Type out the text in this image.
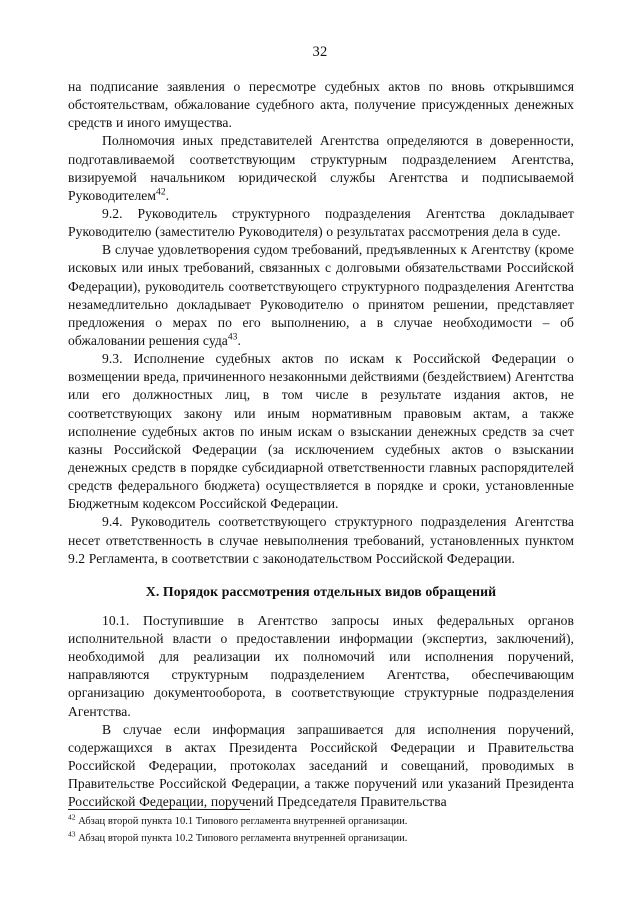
32

на подписание заявления о пересмотре судебных актов по вновь открывшимся обстоятельствам, обжалование судебного акта, получение присужденных денежных средств и иного имущества.

Полномочия иных представителей Агентства определяются в доверенности, подготавливаемой соответствующим структурным подразделением Агентства, визируемой начальником юридической службы Агентства и подписываемой Руководителем$^{42}$.

9.2. Руководитель структурного подразделения Агентства докладывает Руководителю (заместителю Руководителя) о результатах рассмотрения дела в суде.

В случае удовлетворения судом требований, предъявленных к Агентству (кроме исковых или иных требований, связанных с долговыми обязательствами Российской Федерации), руководитель соответствующего структурного подразделения Агентства незамедлительно докладывает Руководителю о принятом решении, представляет предложения о мерах по его выполнению, а в случае необходимости – об обжаловании решения суда$^{43}$.

9.3. Исполнение судебных актов по искам к Российской Федерации о возмещении вреда, причиненного незаконными действиями (бездействием) Агентства или его должностных лиц, в том числе в результате издания актов, не соответствующих закону или иным нормативным правовым актам, а также исполнение судебных актов по иным искам о взыскании денежных средств за счет казны Российской Федерации (за исключением судебных актов о взыскании денежных средств в порядке субсидиарной ответственности главных распорядителей средств федерального бюджета) осуществляется в порядке и сроки, установленные Бюджетным кодексом Российской Федерации.

9.4. Руководитель соответствующего структурного подразделения Агентства несет ответственность в случае невыполнения требований, установленных пунктом 9.2 Регламента, в соответствии с законодательством Российской Федерации.

X. Порядок рассмотрения отдельных видов обращений

10.1. Поступившие в Агентство запросы иных федеральных органов исполнительной власти о предоставлении информации (экспертиз, заключений), необходимой для реализации их полномочий или исполнения поручений, направляются структурным подразделением Агентства, обеспечивающим организацию документооборота, в соответствующие структурные подразделения Агентства.

В случае если информация запрашивается для исполнения поручений, содержащихся в актах Президента Российской Федерации и Правительства Российской Федерации, протоколах заседаний и совещаний, проводимых в Правительстве Российской Федерации, а также поручений или указаний Президента Российской Федерации, поручений Председателя Правительства

$^{42}$ Абзац второй пункта 10.1 Типового регламента внутренней организации.

$^{43}$ Абзац второй пункта 10.2 Типового регламента внутренней организации.
